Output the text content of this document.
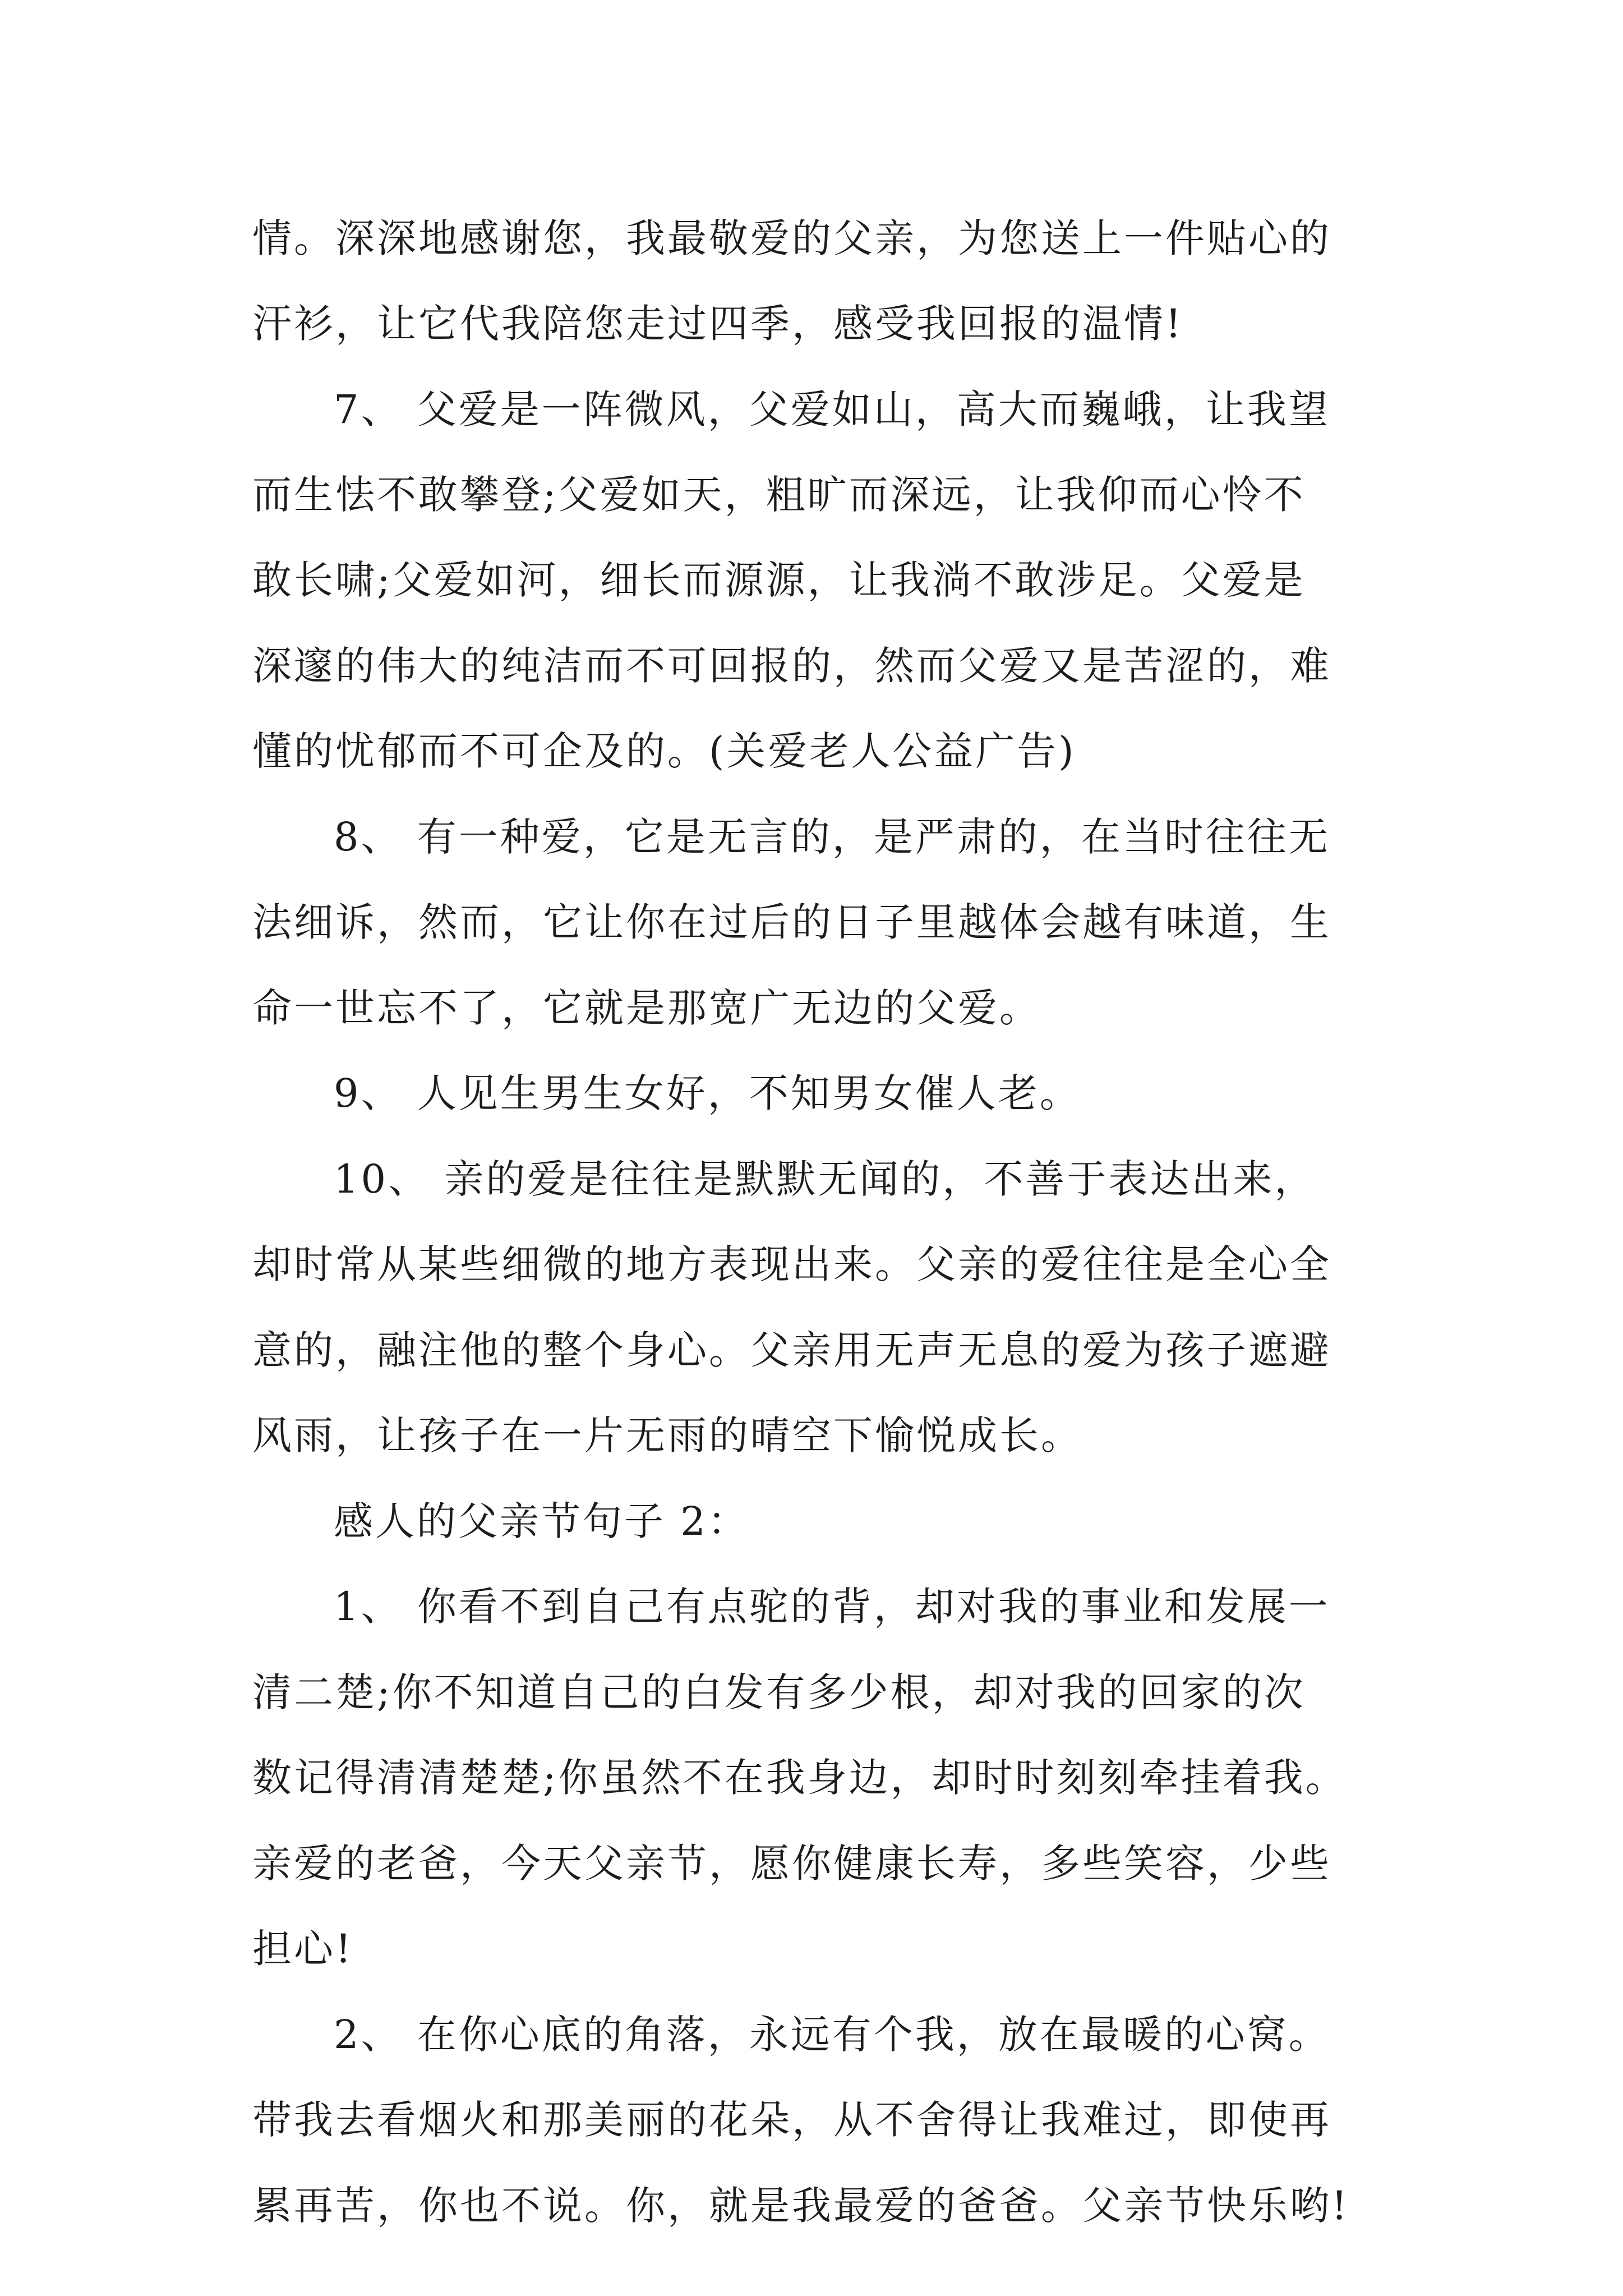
情。深深地感谢您，我最敬爱的父亲，为您送上一件贴心的
汗衫，让它代我陪您走过四季，感受我回报的温情!
7、 父爱是一阵微风，父爱如山，高大而巍峨，让我望
而生怯不敢攀登;父爱如天，粗旷而深远，让我仰而心怜不
敢长啸;父爱如河，细长而源源，让我淌不敢涉足。父爱是
深邃的伟大的纯洁而不可回报的，然而父爱又是苦涩的，难
懂的忧郁而不可企及的。(关爱老人公益广告)
8、 有一种爱，它是无言的，是严肃的，在当时往往无
法细诉，然而，它让你在过后的日子里越体会越有味道，生
命一世忘不了，它就是那宽广无边的父爱。
9、 人见生男生女好，不知男女催人老。
10、 亲的爱是往往是默默无闻的，不善于表达出来，
却时常从某些细微的地方表现出来。父亲的爱往往是全心全
意的，融注他的整个身心。父亲用无声无息的爱为孩子遮避
风雨，让孩子在一片无雨的晴空下愉悦成长。
感人的父亲节句子 2：
1、 你看不到自己有点驼的背，却对我的事业和发展一
清二楚;你不知道自己的白发有多少根，却对我的回家的次
数记得清清楚楚;你虽然不在我身边，却时时刻刻牵挂着我。
亲爱的老爸，今天父亲节，愿你健康长寿，多些笑容，少些
担心!
2、 在你心底的角落，永远有个我，放在最暖的心窝。
带我去看烟火和那美丽的花朵，从不舍得让我难过，即使再
累再苦，你也不说。你，就是我最爱的爸爸。父亲节快乐哟!
